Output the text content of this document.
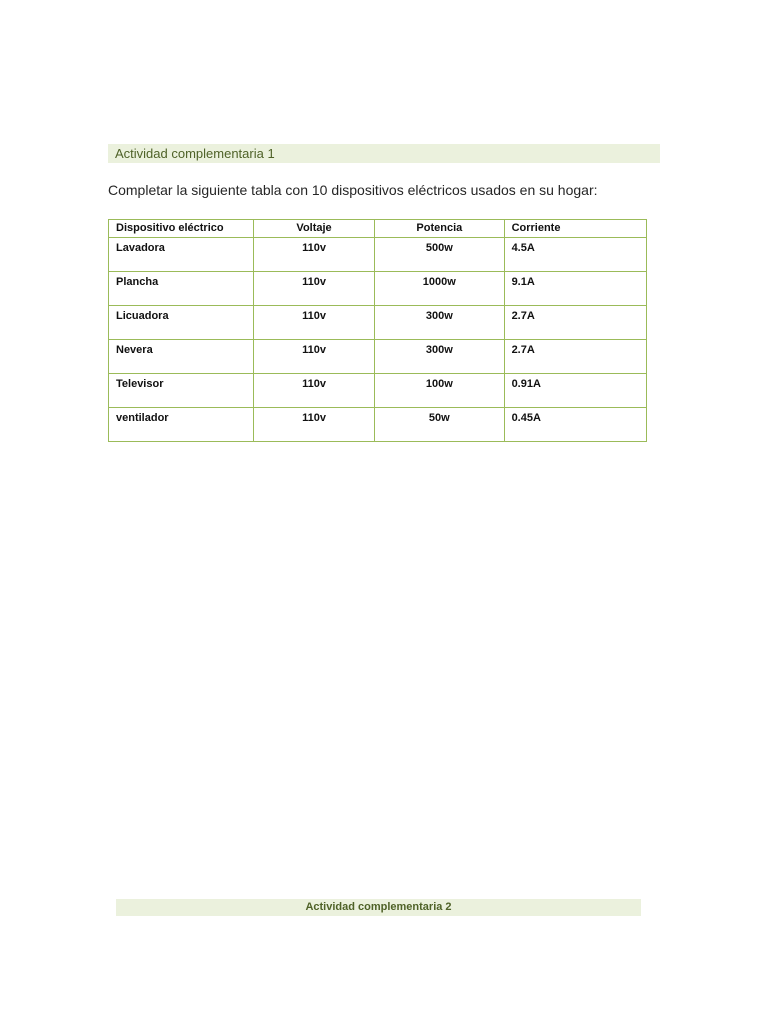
Actividad complementaria 1
Completar la siguiente tabla con 10 dispositivos eléctricos usados en su hogar:
Dispositivo eléctrico	Voltaje	Potencia	Corriente
Lavadora	110v	500w	4.5A
Plancha	110v	1000w	9.1A
Licuadora	110v	300w	2.7A
Nevera	110v	300w	2.7A
Televisor	110v	100w	0.91A
ventilador	110v	50w	0.45A
Actividad complementaria 2
